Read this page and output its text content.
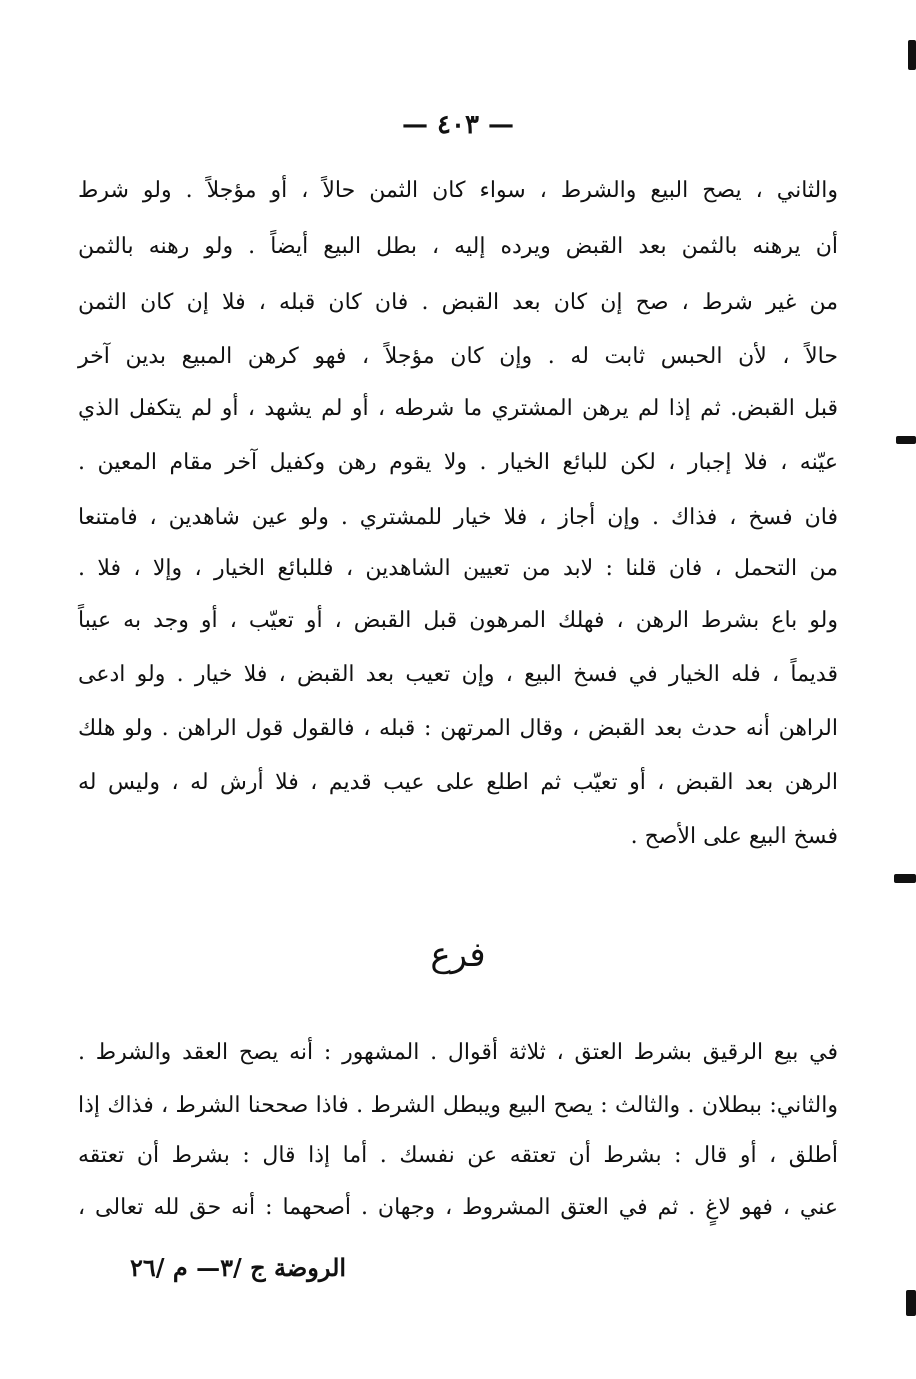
— ٤٠٣ —
والثاني ، يصح البيع والشرط ، سواء كان الثمن حالاً ، أو مؤجلاً . ولو شرط
أن يرهنه بالثمن بعد القبض ويرده إليه ، بطل البيع أيضاً . ولو رهنه بالثمن
من غير شرط ، صح إن كان بعد القبض . فان كان قبله ، فلا إن كان الثمن
حالاً ، لأن الحبس ثابت له . وإن كان مؤجلاً ، فهو كرهن المبيع بدين آخر
قبل القبض. ثم إذا لم يرهن المشتري ما شرطه ، أو لم يشهد ، أو لم يتكفل الذي
عيّنه ، فلا إجبار ، لكن للبائع الخيار . ولا يقوم رهن وكفيل آخر مقام المعين .
فان فسخ ، فذاك . وإن أجاز ، فلا خيار للمشتري . ولو عين شاهدين ، فامتنعا
من التحمل ، فان قلنا : لابد من تعيين الشاهدين ، فللبائع الخيار ، وإلا ، فلا .
ولو باع بشرط الرهن ، فهلك المرهون قبل القبض ، أو تعيّب ، أو وجد به عيباً
قديماً ، فله الخيار في فسخ البيع ، وإن تعيب بعد القبض ، فلا خيار . ولو ادعى
الراهن أنه حدث بعد القبض ، وقال المرتهن : قبله ، فالقول قول الراهن . ولو هلك
الرهن بعد القبض ، أو تعيّب ثم اطلع على عيب قديم ، فلا أرش له ، وليس له
فسخ البيع على الأصح .
فرع
في بيع الرقيق بشرط العتق ، ثلاثة أقوال . المشهور : أنه يصح العقد والشرط .
والثاني: ببطلان . والثالث : يصح البيع ويبطل الشرط . فاذا صححنا الشرط ، فذاك إذا
أطلق ، أو قال : بشرط أن تعتقه عن نفسك . أما إذا قال : بشرط أن تعتقه
عني ، فهو لاغٍ . ثم في العتق المشروط ، وجهان . أصحهما : أنه حق لله تعالى ،
الروضة ج /٣— م /٢٦
